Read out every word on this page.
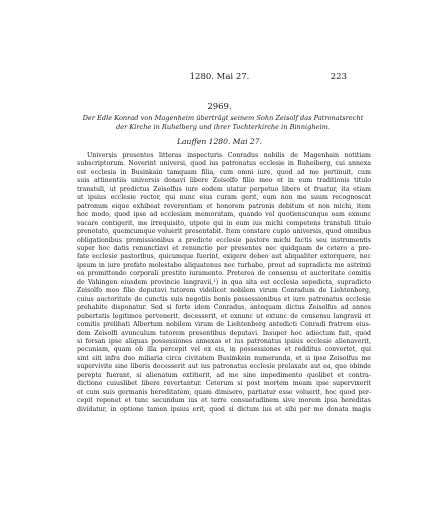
1280. Mai 27.	223
2969.
Der Edle Konrad von Magenheim überträgt seinem Sohn Zeisolf das Patronatsrecht der Kirche in Ruhelberg und ihrer Tochterkirche in Binnigheim.
Lauffen 1280. Mai 27.
Universis presentes litteras inspecturis Conradus nobilis de Magenhain notitiam
subscriptorum. Noverint universi, quod ius patronatus ecclesie in Ruheiberg, cui annexa
est ecclesia in Businkain tamquam filia, cum omni iure, quod ad me pertinuit, cum
suis attinentiis universis donavi libere Zeisolfo filio meo et in eum traditionis titulo
transtuli, ut predictus Zeisolfus iure eodem utatur perpetuo libere et fruatur, ita etiam
ut ipsius ecclesie rector, qui nunc eius curam gerit, eum non me suum recognoscat
patronum eique exhibeat reverentiam et honorem patronis debitum et non michi, item
hoc modo, quod ipse ad ecclesiam memoratam, quando vel quotienscunque eam exnunc
vacare contigerit, me irrequisito, utpote qui in eum ius michi competens transtuli titulo
prenotato, quemcumque voluerit presentabit. Item constare cupio universis, quod omnibus
obligationibus promissionibus a predicte ecclesie pastore michi factis seu instrumentis
super hoc datis renunctiavi et renunctio per presentes nec quidquam de cetero a pre-
fate ecclesie pastoribus, quicumque fuerint, exigere debeo aut aliqualiter extorquere, nec
ipsum in iure prefato molestabo aliquatenus nec turbabo, prout ad supradicta me astrinxi
ea promittendo corporali prestito iuramento. Preterea de consensu et auctoritate comitis
de Vahingen eiusdem provincie langravii,¹) in qua sita est ecclesia sepedicta, supradicto
Zeisolfo meo filio deputavi tutorem videlicet nobilem virum Conradum de Liehtenberg,
cuius auctoritate de cunctis suis negotiis bonis possessionibus et iure patronatus ecclesie
prehabite disponatur. Sed si forte idem Conradus, antequam dictus Zeisolfus ad annos
pubertatis legitimos pervenerit, decesserit, et exnunc ut extunc de consensu langravii et
comitis prelibati Albertum nobilem virum de Liehtenberg antedicti Conradi fratrem eius-
dem Zeisolfi avunculum tutorem presentibus deputavi. Insuper hoc adiectum fuit, quod
si forsan ipse aliquas possessiones annexas et ius patronatus ipsius ecclesie alienaverit,
pecuniam, quam ob illa percepit vel ex eis, in possessiones et redditus convertet, qui
sint siti infra duo miliaria circa civitatem Busimkein numeranda, et si ipse Zeisolfus me
supervivite sine liberis decesserit aut ius patronatus ecclesie prelaxate aut ea, que obinde
perepta fuerant, si alienatum extitierit, ad me sine impedimento quolibet et contra-
dictione cuiuslibet libere revertantur. Ceterum si post mortem meam ipse supervixerit
et cum suis germanis hereditatem, quam dimisero, partiatur esse voluerit, hoc quod per-
cepit reponet et tunc secundum ius et terre consuetudinem sive morem ipsa hereditas
dividatur, in optione tamen ipsius erit, quod si dictum ius et sibi per me donata magis
